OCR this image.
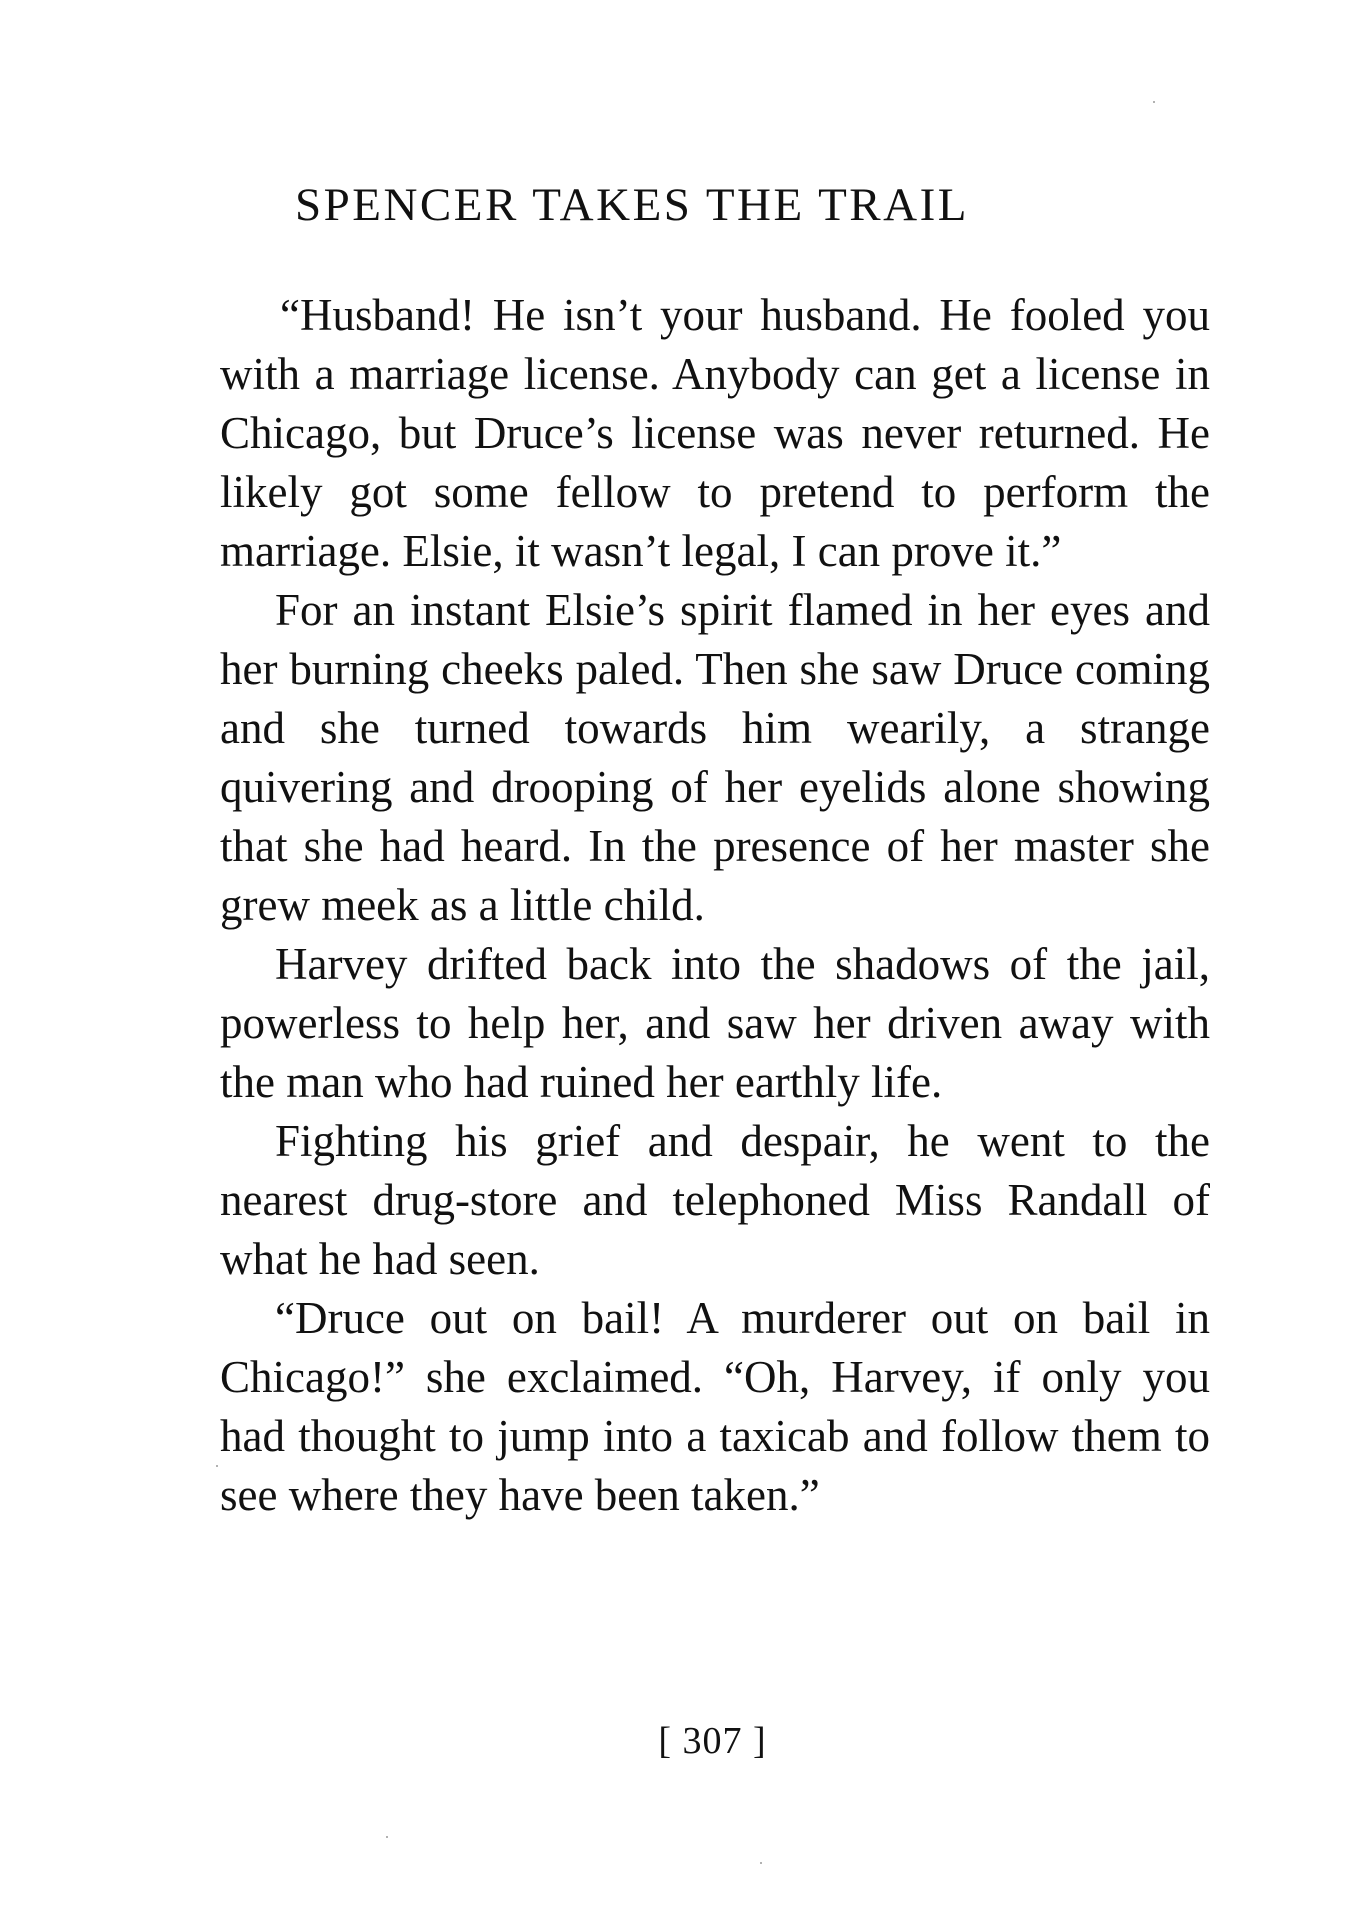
SPENCER TAKES THE TRAIL

“Husband! He isn’t your husband. He fooled you with a marriage license. Anybody can get a license in Chicago, but Druce’s license was never returned. He likely got some fellow to pretend to perform the marriage. Elsie, it wasn’t legal, I can prove it.”

For an instant Elsie’s spirit flamed in her eyes and her burning cheeks paled. Then she saw Druce coming and she turned towards him wearily, a strange quivering and drooping of her eyelids alone showing that she had heard. In the presence of her master she grew meek as a little child.

Harvey drifted back into the shadows of the jail, powerless to help her, and saw her driven away with the man who had ruined her earthly life.

Fighting his grief and despair, he went to the nearest drug-store and telephoned Miss Randall of what he had seen.

“Druce out on bail! A murderer out on bail in Chicago!” she exclaimed. “Oh, Harvey, if only you had thought to jump into a taxicab and follow them to see where they have been taken.”

[ 307 ]
